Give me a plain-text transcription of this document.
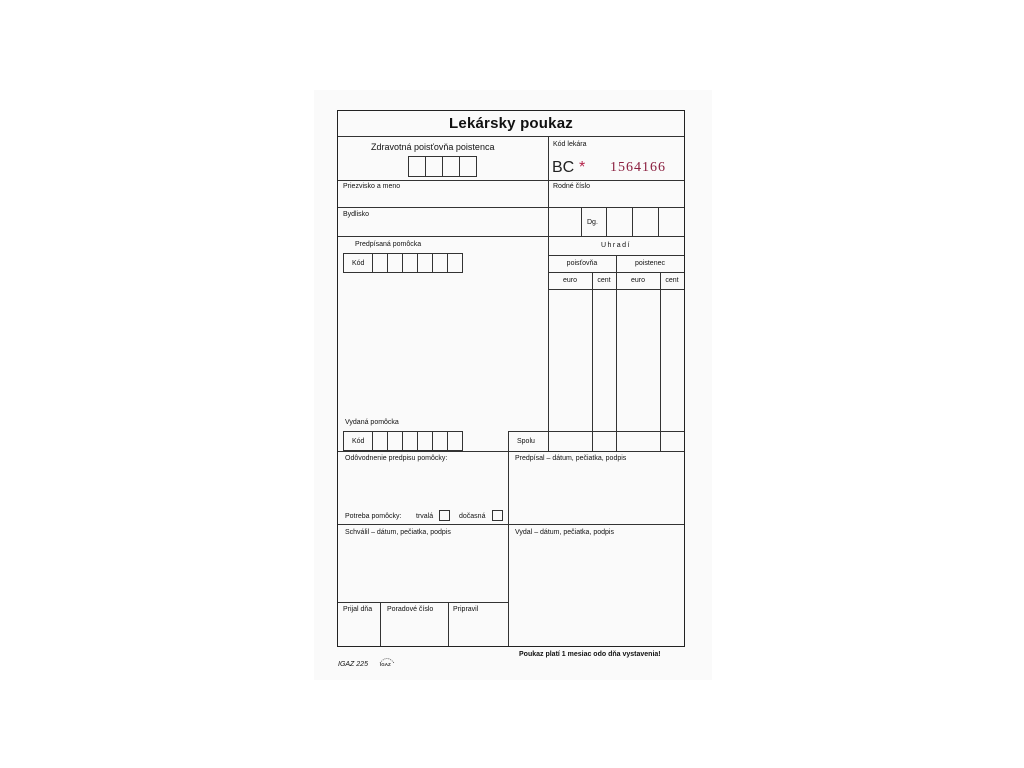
Lekársky poukaz
Zdravotná poisťovňa poistenca	Kód lekára
BC * 1564166
Priezvisko a meno	Rodné číslo
Bydlisko
Dg.
Predpísaná pomôcka
Kód
Uhradí
poisťovňa	poistenec
euro	cent	euro	cent
Vydaná pomôcka
Kód	Spolu
Odôvodnenie predpisu pomôcky:	Predpísal – dátum, pečiatka, podpis
Potreba pomôcky: trvalá	dočasná
Schválil – dátum, pečiatka, podpis	Vydal – dátum, pečiatka, podpis
Prijal dňa Poradové číslo	Pripravil
IGAZ 225	IGAZ
Poukaz platí 1 mesiac odo dňa vystavenia!
